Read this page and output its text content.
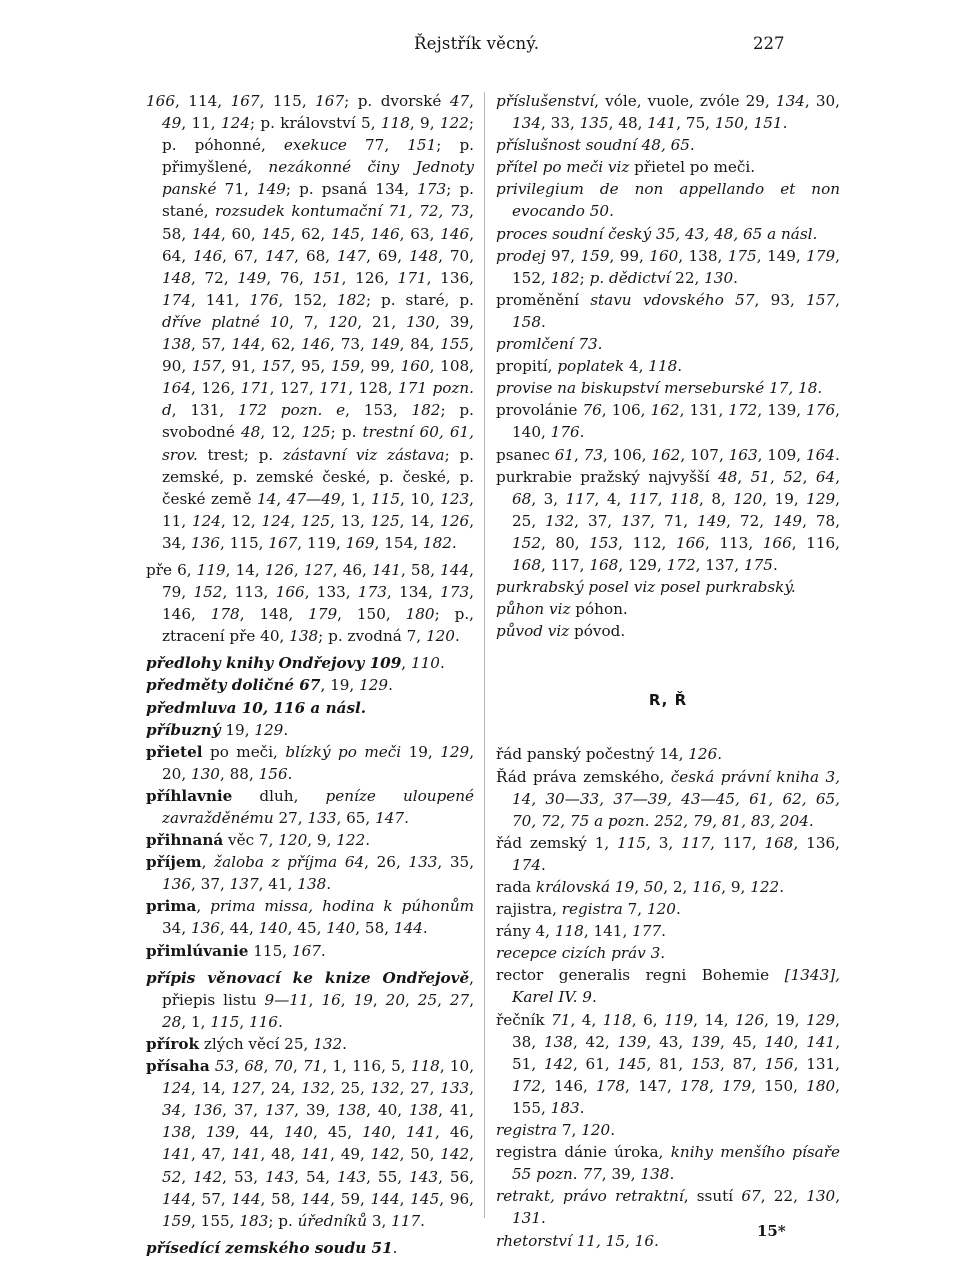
Řejstřík věcný.	227

166, 114, 167, 115, 167; p. dvorské 47, 49, 11, 124; p. království 5, 118, 9, 122; p. póhonné, exekuce 77, 151; p. přimyšlené, nezákonné činy Jednoty panské 71, 149; p. psaná 134, 173; p. stané, rozsudek kontumační 71, 72, 73, 58, 144, 60, 145, 62, 145, 146, 63, 146, 64, 146, 67, 147, 68, 147, 69, 148, 70, 148, 72, 149, 76, 151, 126, 171, 136, 174, 141, 176, 152, 182; p. staré, p. dříve platné 10, 7, 120, 21, 130, 39, 138, 57, 144, 62, 146, 73, 149, 84, 155, 90, 157, 91, 157, 95, 159, 99, 160, 108, 164, 126, 171, 127, 171, 128, 171 pozn. d, 131, 172 pozn. e, 153, 182; p. svobodné 48, 12, 125; p. trestní 60, 61, srov. trest; p. zástavní viz zástava; p. zemské, p. zemské české, p. české, p. české země 14, 47—49, 1, 115, 10, 123, 11, 124, 12, 124, 125, 13, 125, 14, 126, 34, 136, 115, 167, 119, 169, 154, 182.

pře 6, 119, 14, 126, 127, 46, 141, 58, 144, 79, 152, 113, 166, 133, 173, 134, 173, 146, 178, 148, 179, 150, 180; p., ztracení pře 40, 138; p. zvodná 7, 120.

předlohy knihy Ondřejovy 109, 110.

předměty doličné 67, 19, 129.

předmluva 10, 116 a násl.

příbuzný 19, 129.

přietel po meči, blízký po meči 19, 129, 20, 130, 88, 156.

příhlavnie dluh, peníze uloupené zavražděnému 27, 133, 65, 147.

přihnaná věc 7, 120, 9, 122.

příjem, žaloba z příjma 64, 26, 133, 35, 136, 37, 137, 41, 138.

prima, prima missa, hodina k púhonům 34, 136, 44, 140, 45, 140, 58, 144.

přimlúvanie 115, 167.

přípis věnovací ke knize Ondřejově, přiepis listu 9—11, 16, 19, 20, 25, 27, 28, 1, 115, 116.

přírok zlých věcí 25, 132.

přísaha 53, 68, 70, 71, 1, 116, 5, 118, 10, 124, 14, 127, 24, 132, 25, 132, 27, 133, 34, 136, 37, 137, 39, 138, 40, 138, 41, 138, 139, 44, 140, 45, 140, 141, 46, 141, 47, 141, 48, 141, 49, 142, 50, 142, 52, 142, 53, 143, 54, 143, 55, 143, 56, 144, 57, 144, 58, 144, 59, 144, 145, 96, 159, 155, 183; p. úředníků 3, 117.

přísedící zemského soudu 51.

příslušenství, vóle, vuole, zvóle 29, 134, 30, 134, 33, 135, 48, 141, 75, 150, 151.

příslušnost soudní 48, 65.

přítel po meči viz přietel po meči.

privilegium de non appellando et non evocando 50.

proces soudní český 35, 43, 48, 65 a násl.

prodej 97, 159, 99, 160, 138, 175, 149, 179, 152, 182; p. dědictví 22, 130.

proměnění stavu vdovského 57, 93, 157, 158.

promlčení 73.

propití, poplatek 4, 118.

provise na biskupství merseburské 17, 18.

provolánie 76, 106, 162, 131, 172, 139, 176, 140, 176.

psanec 61, 73, 106, 162, 107, 163, 109, 164.

purkrabie pražský najvyšší 48, 51, 52, 64, 68, 3, 117, 4, 117, 118, 8, 120, 19, 129, 25, 132, 37, 137, 71, 149, 72, 149, 78, 152, 80, 153, 112, 166, 113, 166, 116, 168, 117, 168, 129, 172, 137, 175.

purkrabský posel viz posel purkrabský.

půhon viz póhon.

původ viz póvod.

R, Ř

řád panský počestný 14, 126.

Řád práva zemského, česká právní kniha 3, 14, 30—33, 37—39, 43—45, 61, 62, 65, 70, 72, 75 a pozn. 252, 79, 81, 83, 204.

řád zemský 1, 115, 3, 117, 117, 168, 136, 174.

rada královská 19, 50, 2, 116, 9, 122.

rajistra, registra 7, 120.

rány 4, 118, 141, 177.

recepce cizích práv 3.

rector generalis regni Bohemie [1343], Karel IV. 9.

řečník 71, 4, 118, 6, 119, 14, 126, 19, 129, 38, 138, 42, 139, 43, 139, 45, 140, 141, 51, 142, 61, 145, 81, 153, 87, 156, 131, 172, 146, 178, 147, 178, 179, 150, 180, 155, 183.

registra 7, 120.

registra dánie úroka, knihy menšího písaře 55 pozn. 77, 39, 138.

retrakt, právo retraktní, ssutí 67, 22, 130, 131.

rhetorství 11, 15, 16.

15*
